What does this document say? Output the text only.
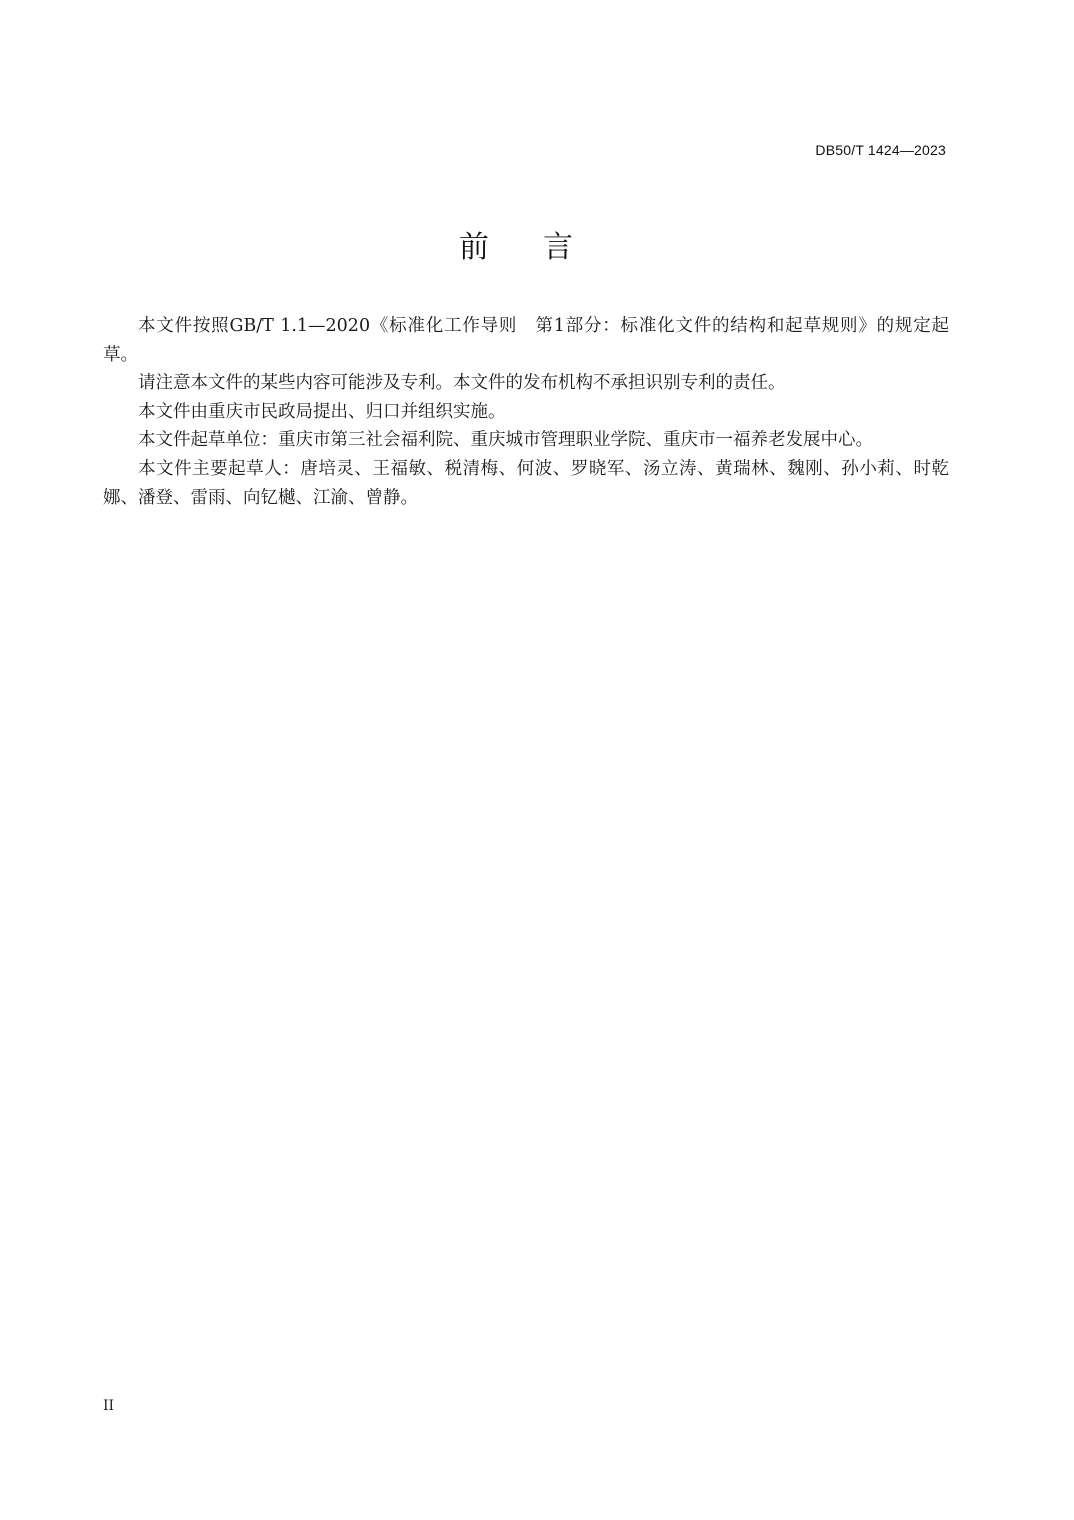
DB50/T 1424—2023
前言

本文件按照GB/T 1.1—2020《标准化工作导则　第1部分：标准化文件的结构和起草规则》的规定起草。

请注意本文件的某些内容可能涉及专利。本文件的发布机构不承担识别专利的责任。

本文件由重庆市民政局提出、归口并组织实施。

本文件起草单位：重庆市第三社会福利院、重庆城市管理职业学院、重庆市一福养老发展中心。

本文件主要起草人：唐培灵、王福敏、税清梅、何波、罗晓军、汤立涛、黄瑞林、魏刚、孙小莉、时乾娜、潘登、雷雨、向钇樾、江渝、曾静。

II
